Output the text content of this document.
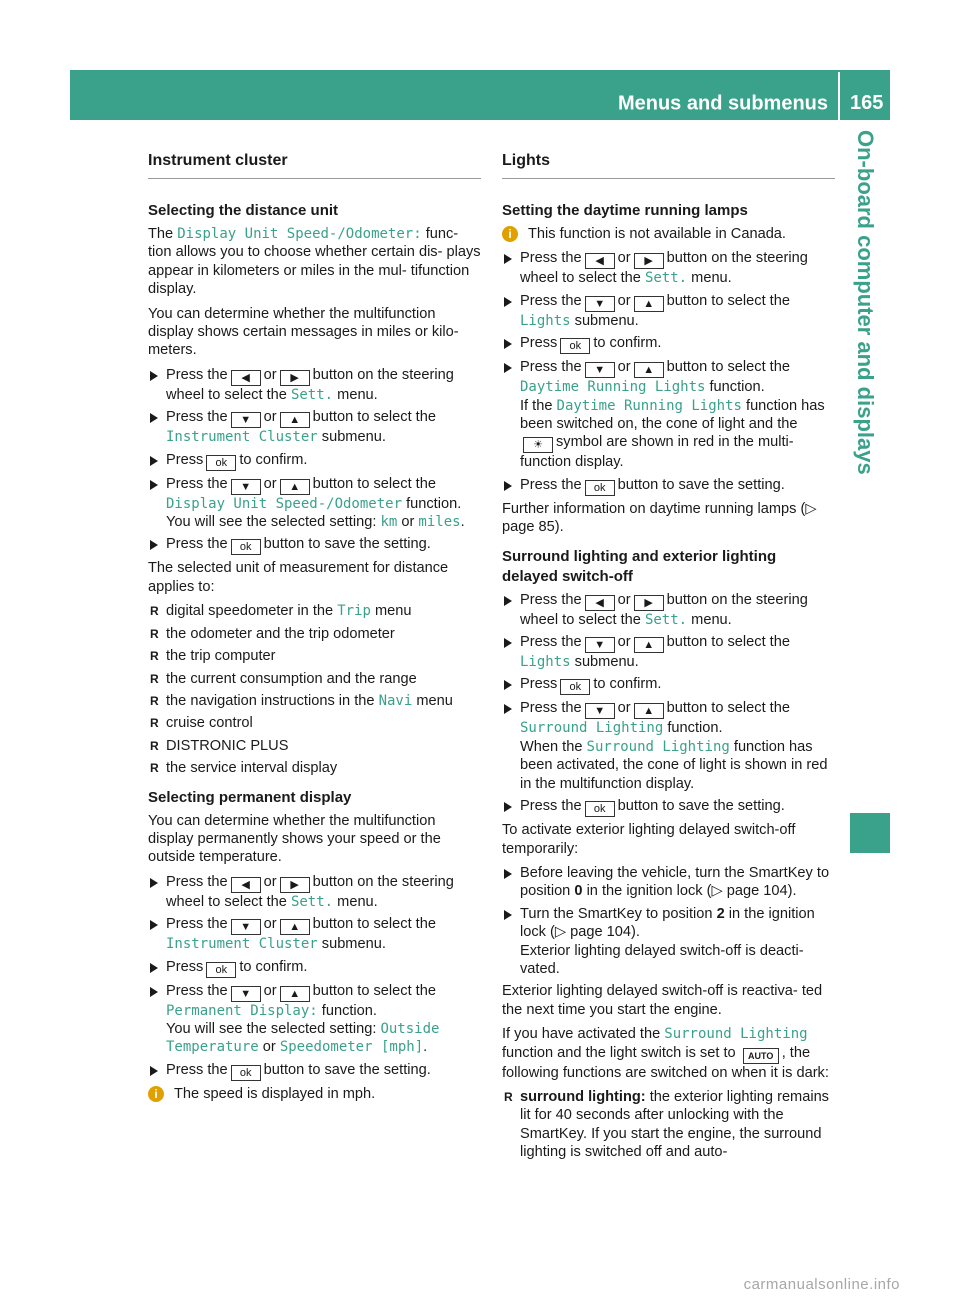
Menus and submenus 165
On-board computer and displays
Instrument cluster
Selecting the distance unit

The Display Unit Speed-/Odometer: func- tion allows you to choose whether certain dis- plays appear in kilometers or miles in the mul- tifunction display.

You can determine whether the multifunction display shows certain messages in miles or kilo- meters.

Press the ◀ or ▶ button on the steering wheel to select the Sett. menu.
Press the ▼ or ▲ button to select the Instrument Cluster submenu.
Press ok to confirm.
Press the ▼ or ▲ button to select the Display Unit Speed-/Odometer function.
You will see the selected setting: km or miles.
Press the ok button to save the setting.

The selected unit of measurement for distance applies to:

R digital speedometer in the Trip menu
R the odometer and the trip odometer
R the trip computer
R the current consumption and the range
R the navigation instructions in the Navi menu
R cruise control
R DISTRONIC PLUS
R the service interval display
Selecting permanent display

You can determine whether the multifunction display permanently shows your speed or the outside temperature.

Press the ◀ or ▶ button on the steering wheel to select the Sett. menu.
Press the ▼ or ▲ button to select the Instrument Cluster submenu.
Press ok to confirm.
Press the ▼ or ▲ button to select the Permanent Display: function.
You will see the selected setting: Outside Temperature or Speedometer [mph].
Press the ok button to save the setting.
i	The speed is displayed in mph.
Lights
Setting the daytime running lamps
i	This function is not available in Canada.
Press the ◀ or ▶ button on the steering wheel to select the Sett. menu.
Press the ▼ or ▲ button to select the Lights submenu.
Press ok to confirm.
Press the ▼ or ▲ button to select the Daytime Running Lights function.
If the Daytime Running Lights function has been switched on, the cone of light and the ☀ symbol are shown in red in the multi- function display.
Press the ok button to save the setting.

Further information on daytime running lamps (▷ page 85).

Surround lighting and exterior lighting delayed switch-off
Press the ◀ or ▶ button on the steering wheel to select the Sett. menu.
Press the ▼ or ▲ button to select the Lights submenu.
Press ok to confirm.
Press the ▼ or ▲ button to select the Surround Lighting function.
When the Surround Lighting function has been activated, the cone of light is shown in red in the multifunction display.
Press the ok button to save the setting.

To activate exterior lighting delayed switch-off temporarily:

Before leaving the vehicle, turn the SmartKey to position 0 in the ignition lock (▷ page 104).
Turn the SmartKey to position 2 in the ignition lock (▷ page 104).
Exterior lighting delayed switch-off is deacti- vated.

Exterior lighting delayed switch-off is reactiva- ted the next time you start the engine.

If you have activated the Surround Lighting function and the light switch is set to AUTO , the following functions are switched on when it is dark:

R surround lighting: the exterior lighting remains lit for 40 seconds after unlocking with the SmartKey. If you start the engine, the surround lighting is switched off and auto-
carmanualsonline.info
